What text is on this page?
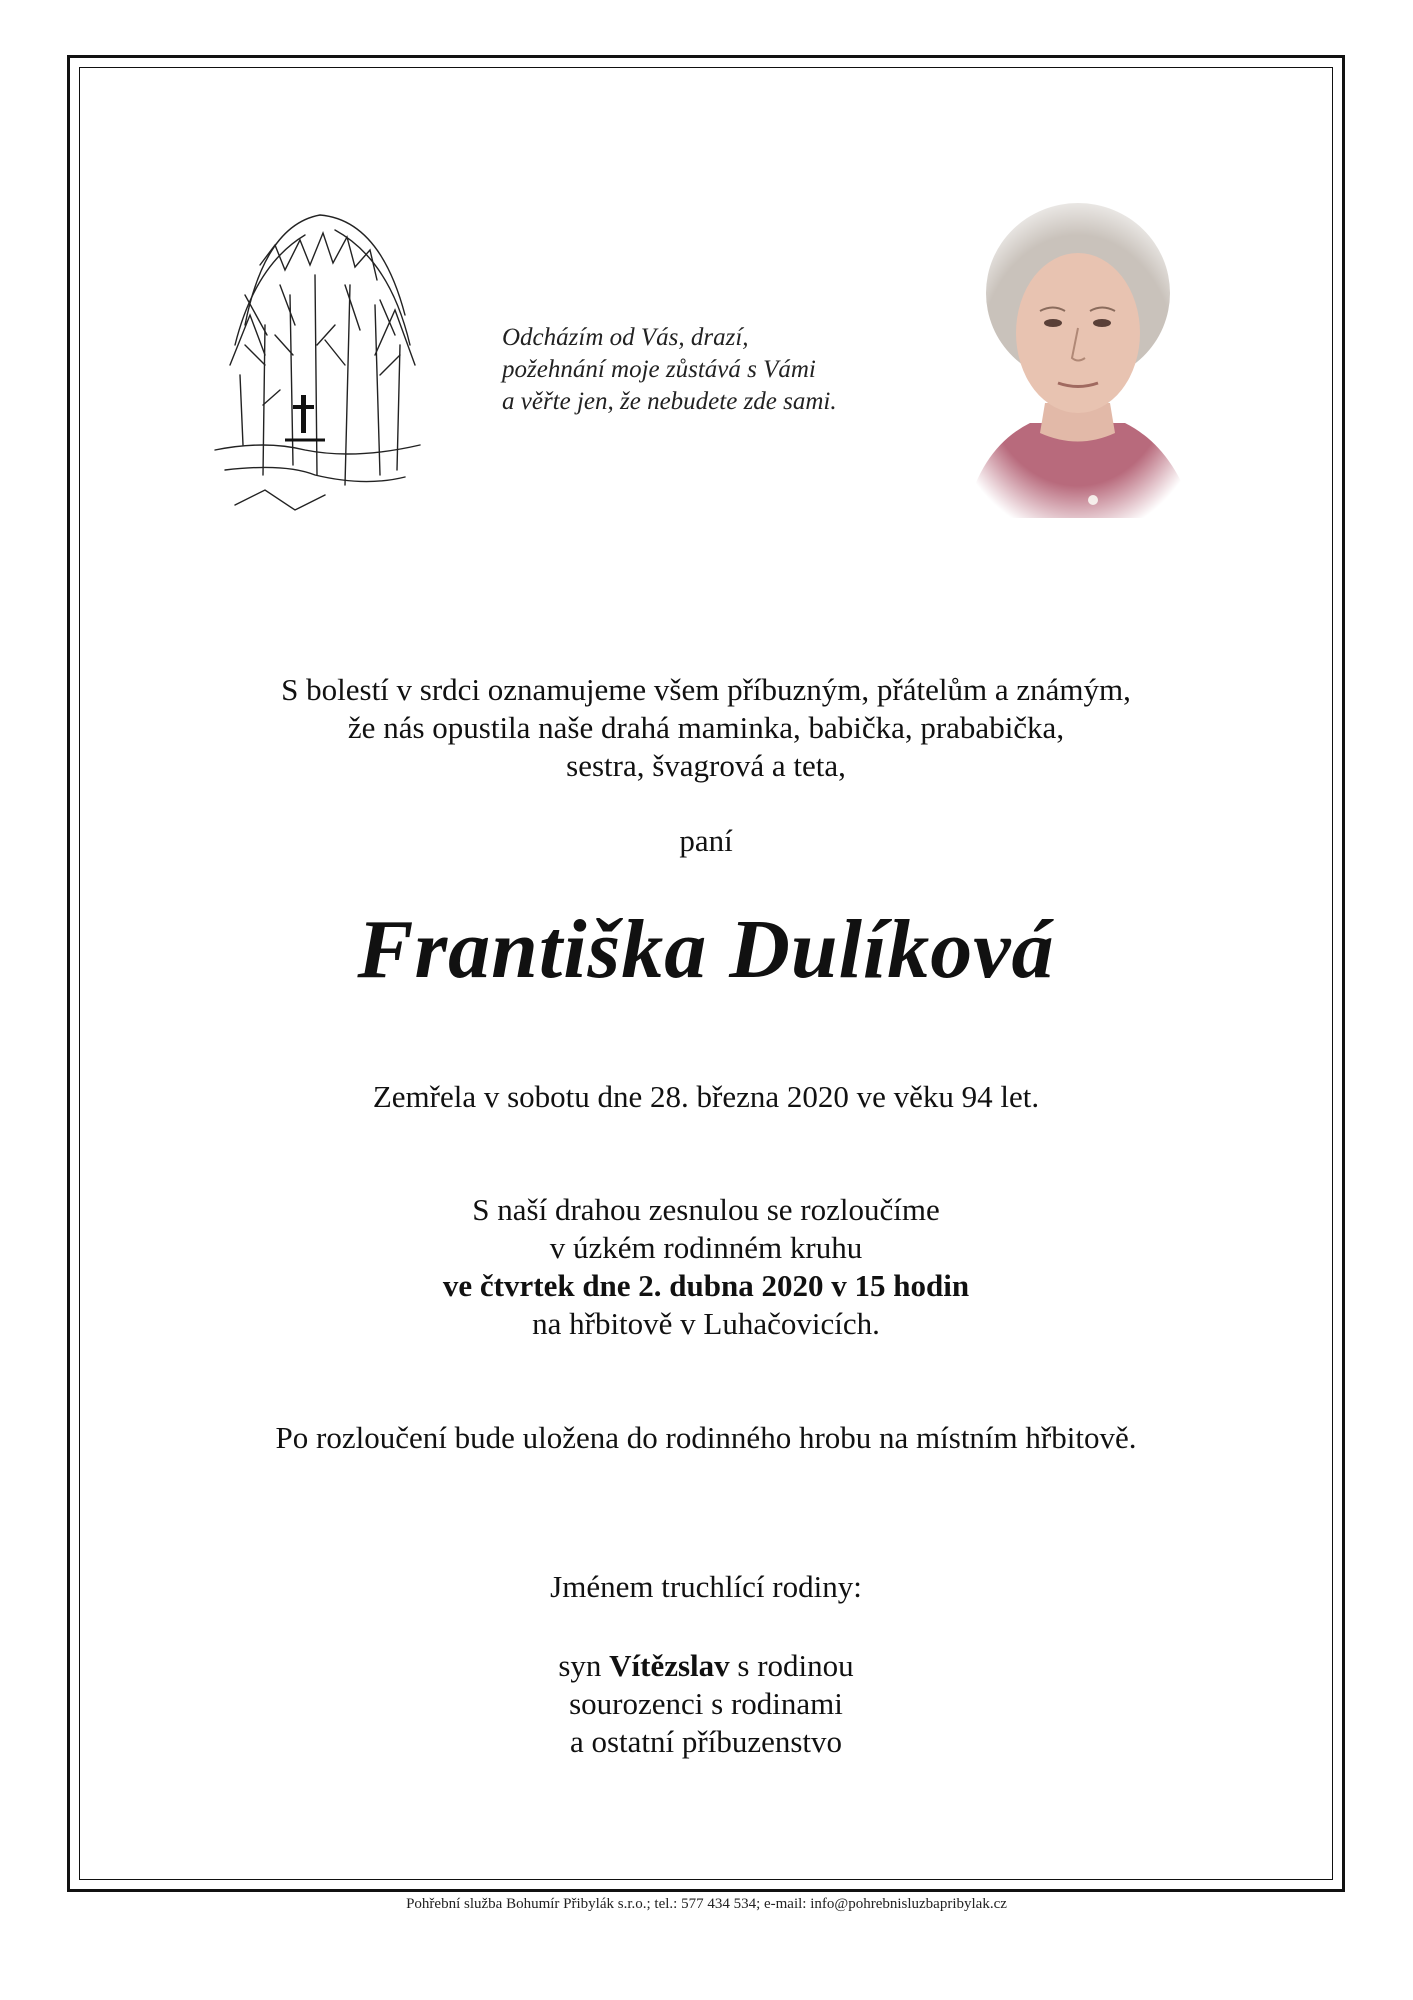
Odcházím od Vás, drazí,
požehnání moje zůstává s Vámi
a věřte jen, že nebudete zde sami.
S bolestí v srdci oznamujeme všem příbuzným, přátelům a známým,
že nás opustila naše drahá maminka, babička, prababička,
sestra, švagrová a teta,
paní
Františka Dulíková
Zemřela v sobotu dne 28. března 2020 ve věku 94 let.
S naší drahou zesnulou se rozloučíme
v úzkém rodinném kruhu
ve čtvrtek dne 2. dubna 2020 v 15 hodin
na hřbitově v Luhačovicích.
Po rozloučení bude uložena do rodinného hrobu na místním hřbitově.
Jménem truchlící rodiny:
syn Vítězslav s rodinou
sourozenci s rodinami
a ostatní příbuzenstvo
Pohřební služba Bohumír Přibylák s.r.o.; tel.: 577 434 534; e-mail: info@pohrebnisluzbapribylak.cz
